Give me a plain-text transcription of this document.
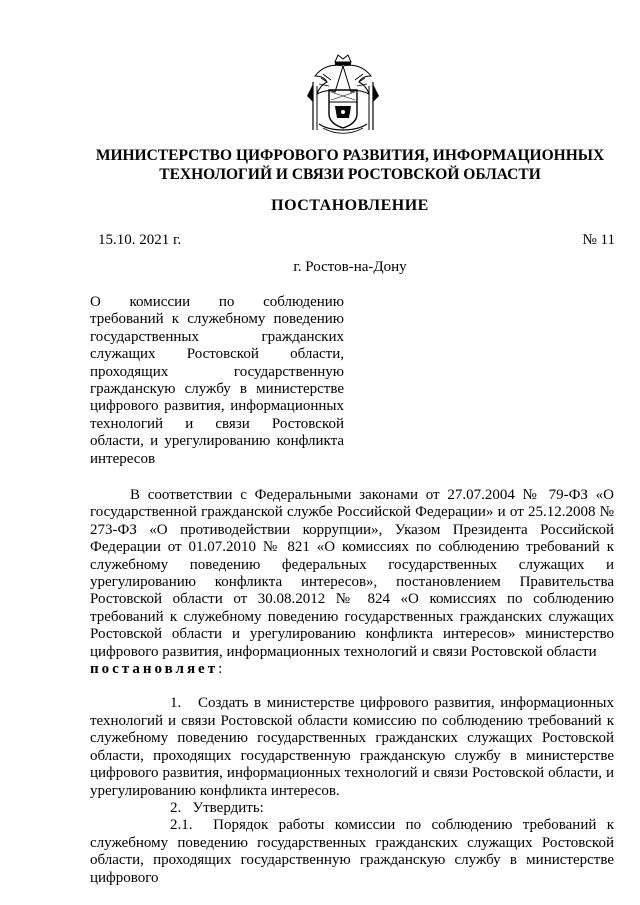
МИНИСТЕРСТВО ЦИФРОВОГО РАЗВИТИЯ, ИНФОРМАЦИОННЫХ
ТЕХНОЛОГИЙ И СВЯЗИ РОСТОВСКОЙ ОБЛАСТИ
ПОСТАНОВЛЕНИЕ
15.10. 2021 г.	№ 11
г. Ростов-на-Дону
О комиссии по соблюдению
требований к служебному поведению
государственных гражданских
служащих Ростовской области,
проходящих государственную
гражданскую службу в министерстве
цифрового развития, информационных
технологий и связи Ростовской
области, и урегулированию конфликта
интересов

В соответствии с Федеральными законами от 27.07.2004 № 79-ФЗ «О государственной гражданской службе Российской Федерации» и от 25.12.2008 № 273-ФЗ «О противодействии коррупции», Указом Президента Российской Федерации от 01.07.2010 № 821 «О комиссиях по соблюдению требований к служебному поведению федеральных государственных служащих и урегулированию конфликта интересов», постановлением Правительства Ростовской области от 30.08.2012 № 824 «О комиссиях по соблюдению требований к служебному поведению государственных гражданских служащих Ростовской области и урегулированию конфликта интересов» министерство цифрового развития, информационных технологий и связи Ростовской области

постановляет:

1. Создать в министерстве цифрового развития, информационных технологий и связи Ростовской области комиссию по соблюдению требований к служебному поведению государственных гражданских служащих Ростовской области, проходящих государственную гражданскую службу в министерстве цифрового развития, информационных технологий и связи Ростовской области, и урегулированию конфликта интересов.

2. Утвердить:

2.1. Порядок работы комиссии по соблюдению требований к служебному поведению государственных гражданских служащих Ростовской области, проходящих государственную гражданскую службу в министерстве цифрового
